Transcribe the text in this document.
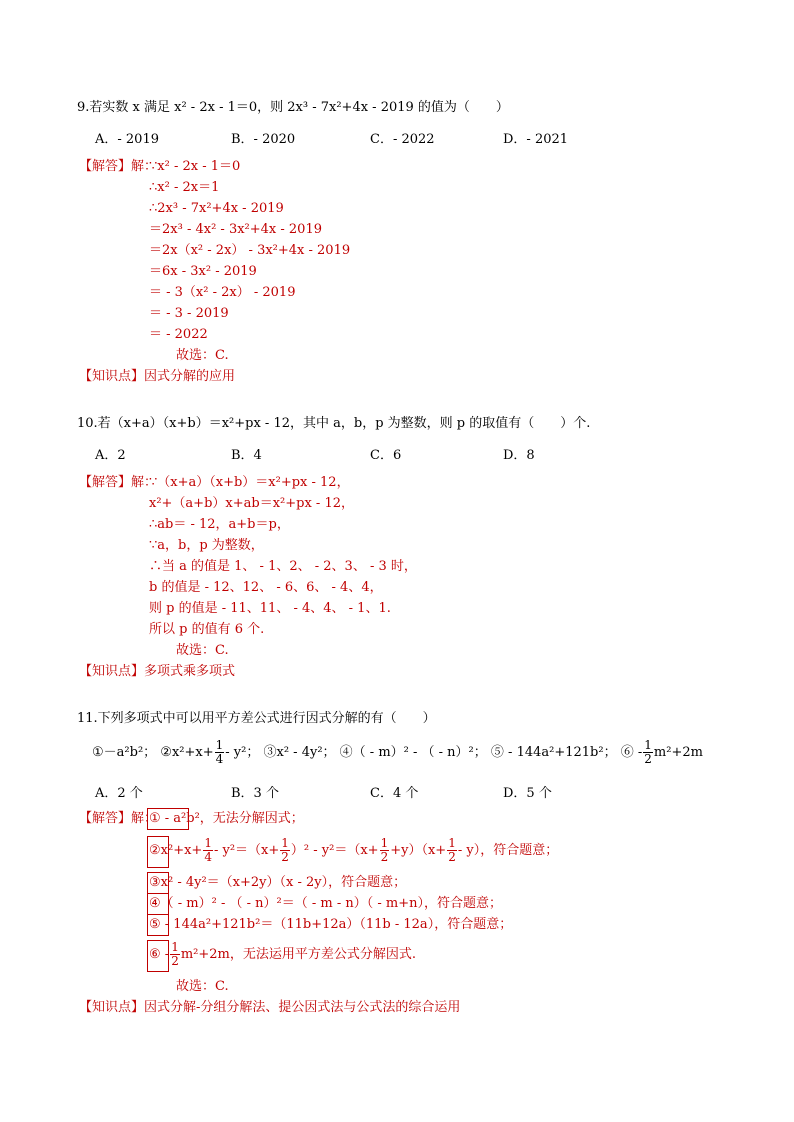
9.若实数 x 满足 x² - 2x - 1＝0，则 2x³ - 7x²+4x - 2019 的值为（　　）
A．- 2019	B．- 2020	C．- 2022	D．- 2021
【解答】解：
∵x² - 2x - 1＝0
∴x² - 2x＝1
∴2x³ - 7x²+4x - 2019
＝2x³ - 4x² - 3x²+4x - 2019
＝2x（x² - 2x） - 3x²+4x - 2019
＝6x - 3x² - 2019
＝ - 3（x² - 2x） - 2019
＝ - 3 - 2019
＝ - 2022
故选：C.
【知识点】因式分解的应用
10.若（x+a）（x+b）＝x²+px - 12，其中 a，b，p 为整数，则 p 的取值有（　　）个.
A．2	B．4	C．6	D．8
【解答】解：
∵（x+a）（x+b）＝x²+px - 12，
x²+（a+b）x+ab＝x²+px - 12，
∴ab＝ - 12，a+b＝p，
∵a，b，p 为整数，
∴当 a 的值是 1、 - 1、2、 - 2、3、 - 3 时，
b 的值是 - 12、12、 - 6、6、 - 4、4，
则 p 的值是 - 11、11、 - 4、4、 - 1、1.
所以 p 的值有 6 个.
故选：C.
【知识点】多项式乘多项式
11.下列多项式中可以用平方差公式进行因式分解的有（　　）
①－a²b²； ②x²+x+ $\frac{1}{4} - y^2$； ③x² - 4y²； ④（ - m）² - （ - n）²； ⑤ - 144a²+121b²； ⑥ - $\frac{1}{2} m^2+2m$
A．2 个	B．3 个	C．4 个	D．5 个
【解答】解：
① - a²b²，无法分解因式；
②x²+x+ $\frac{1}{4} - y^2=(x+ \frac{1}{2} )^2 - y^2=(x+ \frac{1}{2} +y)(x+ \frac{1}{2} - y)$，符合题意；
③x² - 4y²＝（x+2y）（x - 2y），符合题意；
④（ - m）² - （ - n）²＝（ - m - n）（ - m+n），符合题意；
⑤ - 144a²+121b²＝（11b+12a）（11b - 12a），符合题意；
⑥ - $\frac{1}{2} m^2+2m$，无法运用平方差公式分解因式.
故选：C.
【知识点】因式分解-分组分解法、提公因式法与公式法的综合运用
